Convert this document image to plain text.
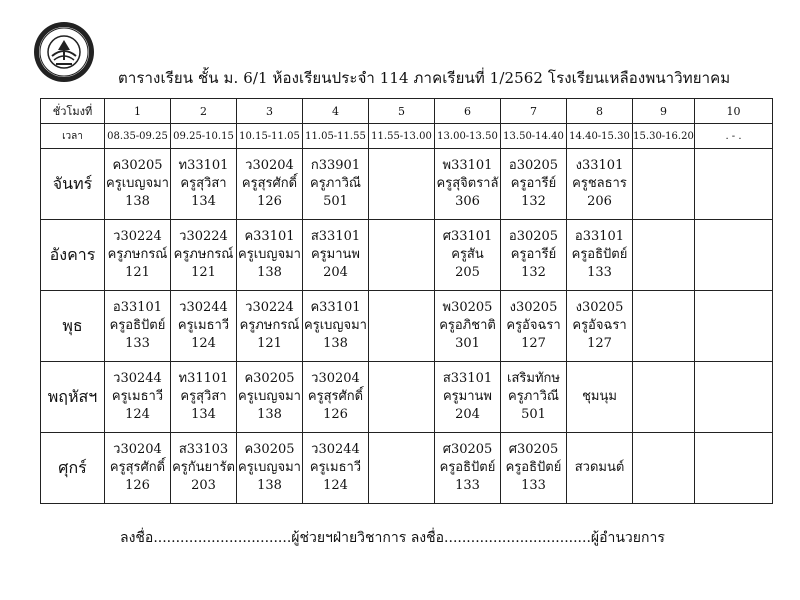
ตารางเรียน ชั้น ม. 6/1 ห้องเรียนประจำ 114 ภาคเรียนที่ 1/2562 โรงเรียนเหลืองพนาวิทยาคม
ชั่วโมงที่	1	2	3	4	5	6	7	8	9	10
เวลา	08.35-09.25	09.25-10.15	10.15-11.05	11.05-11.55	11.55-13.00	13.00-13.50	13.50-14.40	14.40-15.30	15.30-16.20	. - .
จันทร์	ค30205
ครูเบญจมา
138	ท33101
ครูสุวิสา
134	ว30204
ครูสุรศักดิ์
126	ก33901
ครูภาวิณี
501		พ33101
ครูสุจิตราลั
306	อ30205
ครูอารีย์
132	ง33101
ครูชลธาร
206		

อังคาร	ว30224
ครูภษกรณ์
121	ว30224
ครูภษกรณ์
121	ค33101
ครูเบญจมา
138	ส33101
ครูมานพ
204		ศ33101
ครูสัน
205	อ30205
ครูอารีย์
132	อ33101
ครูอธิปัตย์
133		

พุธ	อ33101
ครูอธิปัตย์
133	ว30244
ครูเมธาวี
124	ว30224
ครูภษกรณ์
121	ค33101
ครูเบญจมา
138		พ30205
ครูอภิชาติ
301	ง30205
ครูอัจฉรา
127	ง30205
ครูอัจฉรา
127		

พฤหัสฯ	ว30244
ครูเมธาวี
124	ท31101
ครูสุวิสา
134	ค30205
ครูเบญจมา
138	ว30204
ครูสุรศักดิ์
126		ส33101
ครูมานพ
204	เสริมทักษ
ครูภาวิณี
501	ชุมนุม		

ศุกร์	ว30204
ครูสุรศักดิ์
126	ส33103
ครูกันยารัต
203	ค30205
ครูเบญจมา
138	ว30244
ครูเมธาวี
124		ศ30205
ครูอธิปัตย์
133	ศ30205
ครูอธิปัตย์
133	สวดมนต์		

ลงชื่อ...............................ผู้ช่วยฯฝ่ายวิชาการ ลงชื่อ.................................ผู้อำนวยการ
